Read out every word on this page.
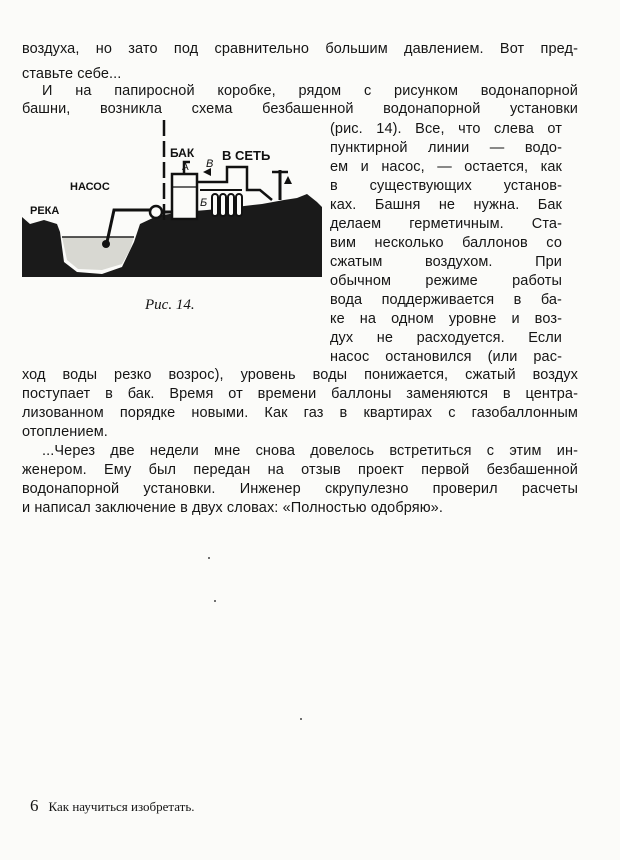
воздуха, но зато под сравнительно большим давлением. Вот пред-
ставьте себе...
И на папиросной коробке, рядом с рисунком водонапорной
башни, возникла схема безбашенной водонапорной установки
(рис. 14). Все, что слева от
пунктирной линии — водо-
ем и насос, — остается, как
в существующих установ-
ках. Башня не нужна. Бак
делаем герметичным. Ста-
вим несколько баллонов со
сжатым воздухом. При
обычном режиме работы
вода поддерживается в ба-
ке на одном уровне и воз-
дух не расходуется. Если
насос остановился (или рас-
ход воды резко возрос), уровень воды понижается, сжатый воздух
поступает в бак. Время от времени баллоны заменяются в центра-
лизованном порядке новыми. Как газ в квартирах с газобаллонным
отоплением.
...Через две недели мне снова довелось встретиться с этим ин-
женером. Ему был передан на отзыв проект первой безбашенной
водонапорной установки. Инженер скрупулезно проверил расчеты
и написал заключение в двух словах: «Полностью одобряю».
БАК В СЕТЬ
НАСОС
РЕКА
А
Б
В
Рис. 14.
6 Как научиться изобретать.
